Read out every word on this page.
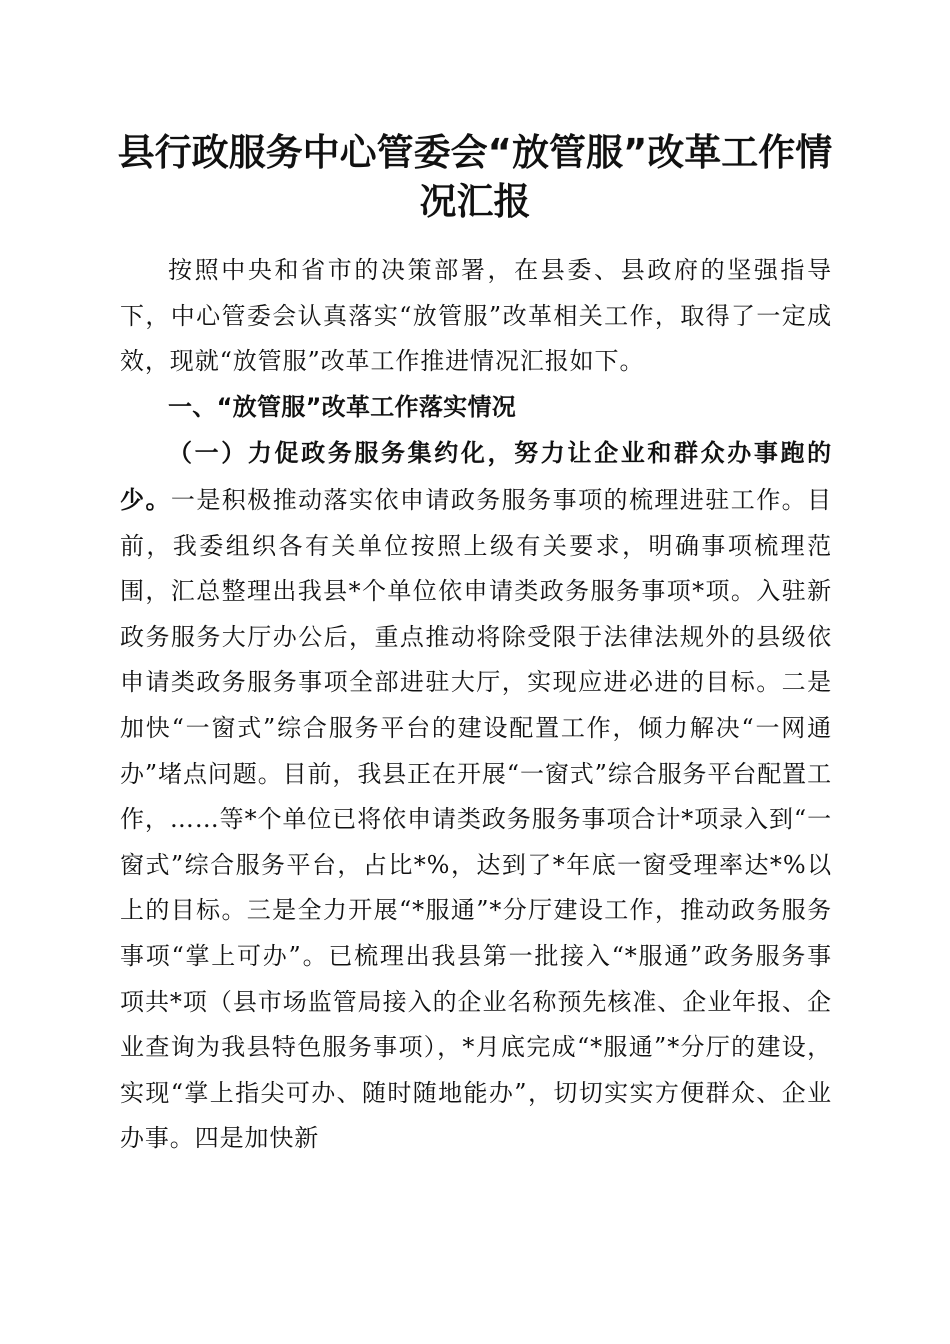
县行政服务中心管委会“放管服”改革工作情况汇报

按照中央和省市的决策部署，在县委、县政府的坚强指导下，中心管委会认真落实“放管服”改革相关工作，取得了一定成效，现就“放管服”改革工作推进情况汇报如下。

一、“放管服”改革工作落实情况

（一）力促政务服务集约化，努力让企业和群众办事跑的少。一是积极推动落实依申请政务服务事项的梳理进驻工作。目前，我委组织各有关单位按照上级有关要求，明确事项梳理范围，汇总整理出我县*个单位依申请类政务服务事项*项。入驻新政务服务大厅办公后，重点推动将除受限于法律法规外的县级依申请类政务服务事项全部进驻大厅，实现应进必进的目标。二是加快“一窗式”综合服务平台的建设配置工作，倾力解决“一网通办”堵点问题。目前，我县正在开展“一窗式”综合服务平台配置工作，……等*个单位已将依申请类政务服务事项合计*项录入到“一窗式”综合服务平台，占比*%，达到了*年底一窗受理率达*%以上的目标。三是全力开展“*服通”*分厅建设工作，推动政务服务事项“掌上可办”。已梳理出我县第一批接入“*服通”政务服务事项共*项（县市场监管局接入的企业名称预先核准、企业年报、企业查询为我县特色服务事项），*月底完成“*服通”*分厅的建设，实现“掌上指尖可办、随时随地能办”，切切实实方便群众、企业办事。四是加快新
